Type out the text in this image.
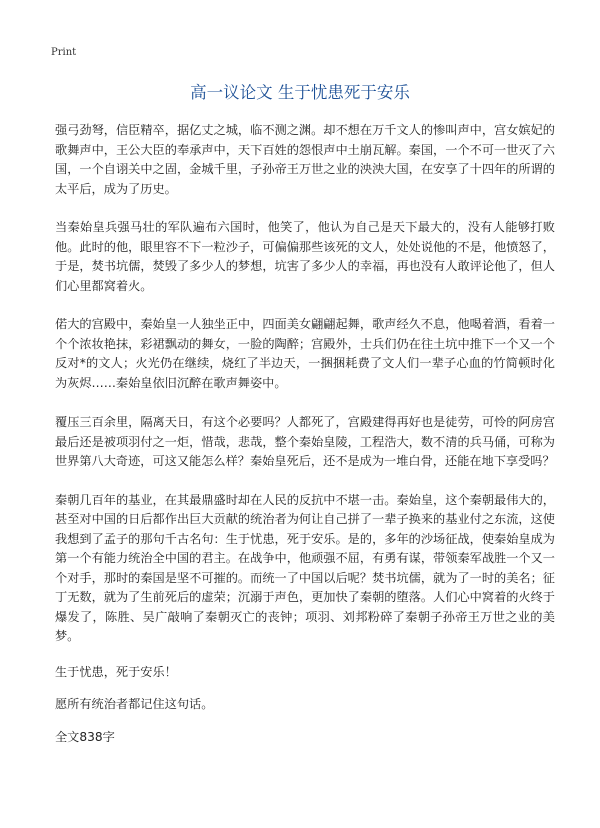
Print
高一议论文 生于忧患死于安乐

强弓劲弩，信臣精卒，据亿丈之城，临不测之渊。却不想在万千文人的惨叫声中，宫女嫔妃的歌舞声中，王公大臣的奉承声中，天下百姓的怨恨声中土崩瓦解。秦国，一个不可一世灭了六国，一个自诩关中之固，金城千里，子孙帝王万世之业的泱泱大国，在安享了十四年的所谓的太平后，成为了历史。

当秦始皇兵强马壮的军队遍布六国时，他笑了，他认为自己是天下最大的，没有人能够打败他。此时的他，眼里容不下一粒沙子，可偏偏那些该死的文人，处处说他的不是，他愤怒了，于是，焚书坑儒，焚毁了多少人的梦想，坑害了多少人的幸福，再也没有人敢评论他了，但人们心里都窝着火。

偌大的宫殿中，秦始皇一人独坐正中，四面美女翩翩起舞，歌声经久不息，他喝着酒，看着一个个浓妆艳抹，彩裙飘动的舞女，一脸的陶醉；宫殿外，士兵们仍在往土坑中推下一个又一个反对*的文人；火光仍在继续，烧红了半边天，一捆捆耗费了文人们一辈子心血的竹简顿时化为灰烬……秦始皇依旧沉醉在歌声舞姿中。

覆压三百余里，隔离天日，有这个必要吗？人都死了，宫殿建得再好也是徒劳，可怜的阿房宫最后还是被项羽付之一炬，惜哉，悲哉，整个秦始皇陵，工程浩大，数不清的兵马俑，可称为世界第八大奇迹，可这又能怎么样？秦始皇死后，还不是成为一堆白骨，还能在地下享受吗？

秦朝几百年的基业，在其最鼎盛时却在人民的反抗中不堪一击。秦始皇，这个秦朝最伟大的，甚至对中国的日后都作出巨大贡献的统治者为何让自己拼了一辈子换来的基业付之东流，这使我想到了孟子的那句千古名句：生于忧患，死于安乐。是的，多年的沙场征战，使秦始皇成为第一个有能力统治全中国的君主。在战争中，他顽强不屈，有勇有谋，带领秦军战胜一个又一个对手，那时的秦国是坚不可摧的。而统一了中国以后呢？焚书坑儒，就为了一时的美名；征丁无数，就为了生前死后的虚荣；沉溺于声色，更加快了秦朝的堕落。人们心中窝着的火终于爆发了，陈胜、吴广敲响了秦朝灭亡的丧钟；项羽、刘邦粉碎了秦朝子孙帝王万世之业的美梦。

生于忧患，死于安乐！

愿所有统治者都记住这句话。

全文838字
